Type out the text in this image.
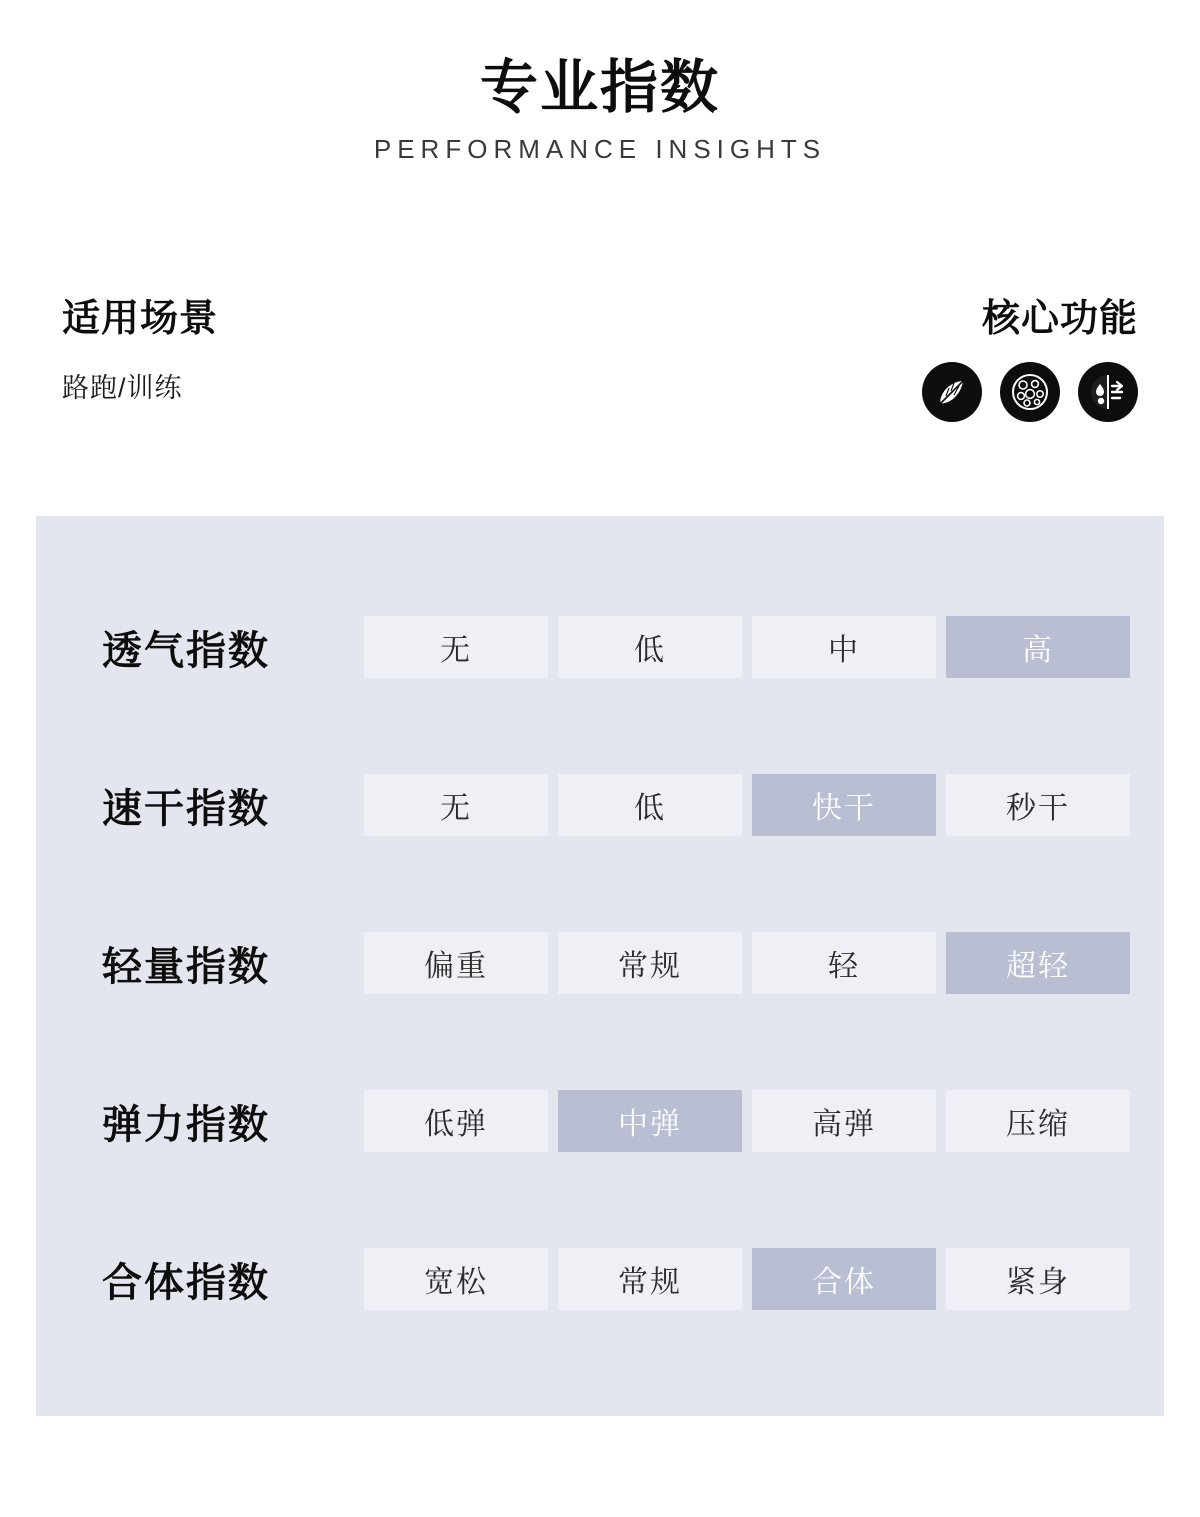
专业指数
PERFORMANCE INSIGHTS
适用场景
路跑/训练
核心功能
透气指数	无	低	中	高
速干指数	无	低	快干	秒干
轻量指数	偏重	常规	轻	超轻
弹力指数	低弹	中弹	高弹	压缩
合体指数	宽松	常规	合体	紧身
